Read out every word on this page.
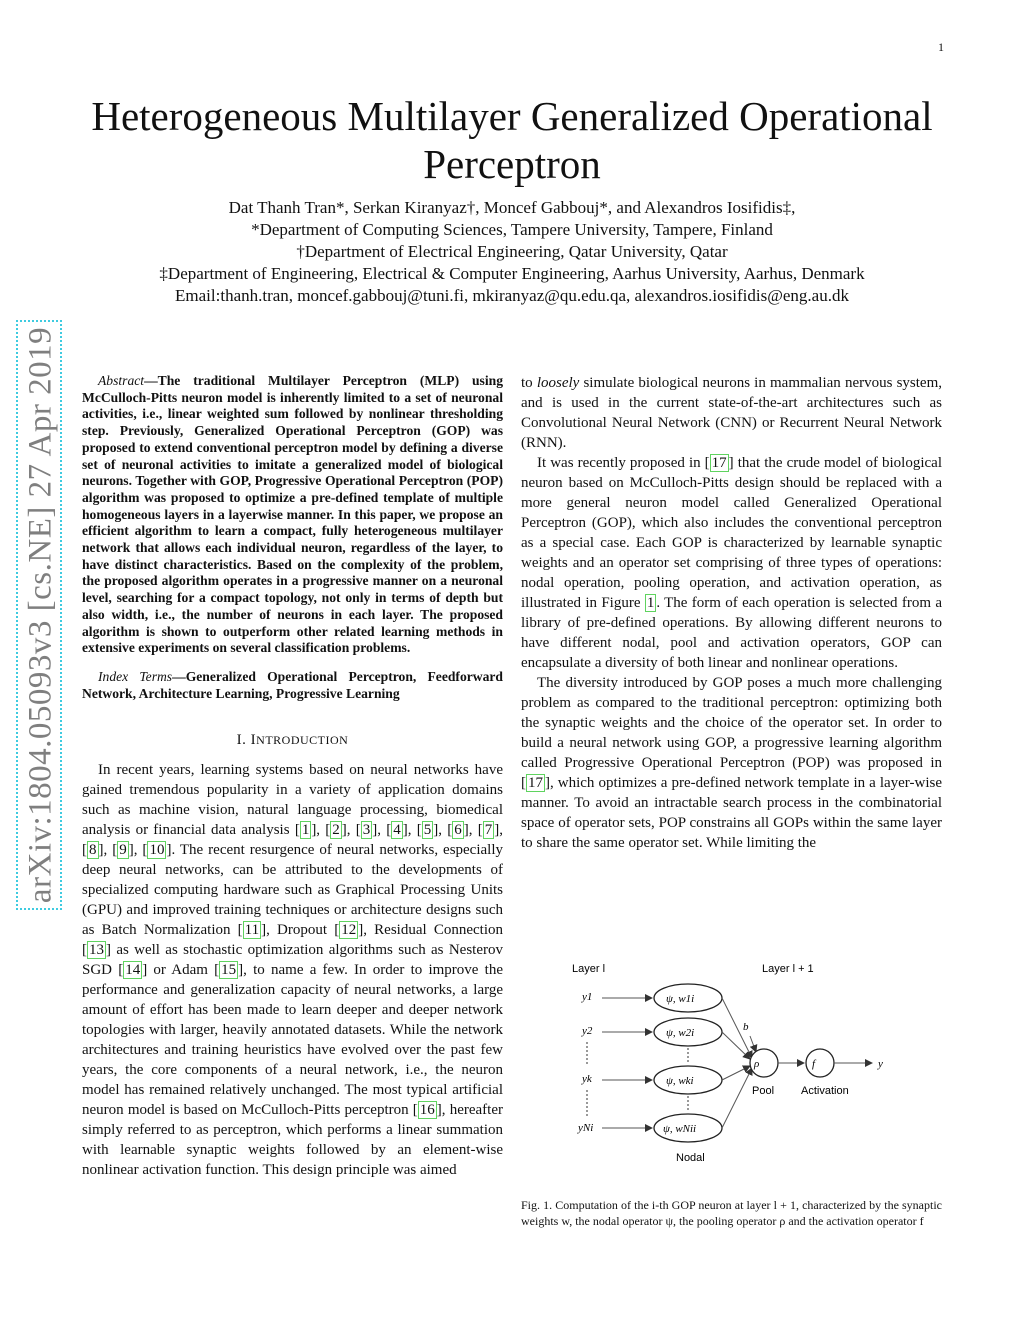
1
arXiv:1804.05093v3 [cs.NE] 27 Apr 2019
Heterogeneous Multilayer Generalized Operational
Perceptron
Dat Thanh Tran*, Serkan Kiranyaz†, Moncef Gabbouj*, and Alexandros Iosifidis‡,
*Department of Computing Sciences, Tampere University, Tampere, Finland
†Department of Electrical Engineering, Qatar University, Qatar
‡Department of Engineering, Electrical & Computer Engineering, Aarhus University, Aarhus, Denmark
Email:thanh.tran, moncef.gabbouj@tuni.fi, mkiranyaz@qu.edu.qa, alexandros.iosifidis@eng.au.dk

Abstract—The traditional Multilayer Perceptron (MLP) using McCulloch-Pitts neuron model is inherently limited to a set of neuronal activities, i.e., linear weighted sum followed by nonlinear thresholding step. Previously, Generalized Operational Perceptron (GOP) was proposed to extend conventional perceptron model by defining a diverse set of neuronal activities to imitate a generalized model of biological neurons. Together with GOP, Progressive Operational Perceptron (POP) algorithm was proposed to optimize a pre-defined template of multiple homogeneous layers in a layerwise manner. In this paper, we propose an efficient algorithm to learn a compact, fully heterogeneous multilayer network that allows each individual neuron, regardless of the layer, to have distinct characteristics. Based on the complexity of the problem, the proposed algorithm operates in a progressive manner on a neuronal level, searching for a compact topology, not only in terms of depth but also width, i.e., the number of neurons in each layer. The proposed algorithm is shown to outperform other related learning methods in extensive experiments on several classification problems.

Index Terms—Generalized Operational Perceptron, Feedforward Network, Architecture Learning, Progressive Learning

I. INTRODUCTION

In recent years, learning systems based on neural networks have gained tremendous popularity in a variety of application domains such as machine vision, natural language processing, biomedical analysis or financial data analysis [ 1 ], [ 2 ], [ 3 ], [ 4 ], [ 5 ], [ 6 ], [ 7 ], [ 8 ], [ 9 ], [ 10 ]. The recent resurgence of neural networks, especially deep neural networks, can be attributed to the developments of specialized computing hardware such as Graphical Processing Units (GPU) and improved training techniques or architecture designs such as Batch Normalization [ 11 ], Dropout [ 12 ], Residual Connection [ 13 ] as well as stochastic optimization algorithms such as Nesterov SGD [ 14 ] or Adam [ 15 ], to name a few. In order to improve the performance and generalization capacity of neural networks, a large amount of effort has been made to learn deeper and deeper network topologies with larger, heavily annotated datasets. While the network architectures and training heuristics have evolved over the past few years, the core components of a neural network, i.e., the neuron model has remained relatively unchanged. The most typical artificial neuron model is based on McCulloch-Pitts perceptron [ 16 ], hereafter simply referred to as perceptron, which performs a linear summation with learnable synaptic weights followed by an element-wise nonlinear activation function. This design principle was aimed

to loosely simulate biological neurons in mammalian nervous system, and is used in the current state-of-the-art architectures such as Convolutional Neural Network (CNN) or Recurrent Neural Network (RNN).

It was recently proposed in [ 17 ] that the crude model of biological neuron based on McCulloch-Pitts design should be replaced with a more general neuron model called Generalized Operational Perceptron (GOP), which also includes the conventional perceptron as a special case. Each GOP is characterized by learnable synaptic weights and an operator set comprising of three types of operations: nodal operation, pooling operation, and activation operation, as illustrated in Figure 1 . The form of each operation is selected from a library of pre-defined operations. By allowing different neurons to have different nodal, pool and activation operators, GOP can encapsulate a diversity of both linear and nonlinear operations.

The diversity introduced by GOP poses a much more challenging problem as compared to the traditional perceptron: optimizing both the synaptic weights and the choice of the operator set. In order to build a neural network using GOP, a progressive learning algorithm called Progressive Operational Perceptron (POP) was proposed in [ 17 ], which optimizes a pre-defined network template in a layer-wise manner. To avoid an intractable search process in the combinatorial space of operator sets, POP constrains all GOPs within the same layer to share the same operator set. While limiting the

Layer l	Layer l + 1
y1
y2
yk
yNi
ψ, w1i
ψ, w2i
ψ, wki
ψ, wNii
b
ρ
Pool
f
Activation
y
Nodal
Fig. 1. Computation of the i-th GOP neuron at layer l + 1, characterized by the synaptic weights w, the nodal operator ψ, the pooling operator ρ and the activation operator f
